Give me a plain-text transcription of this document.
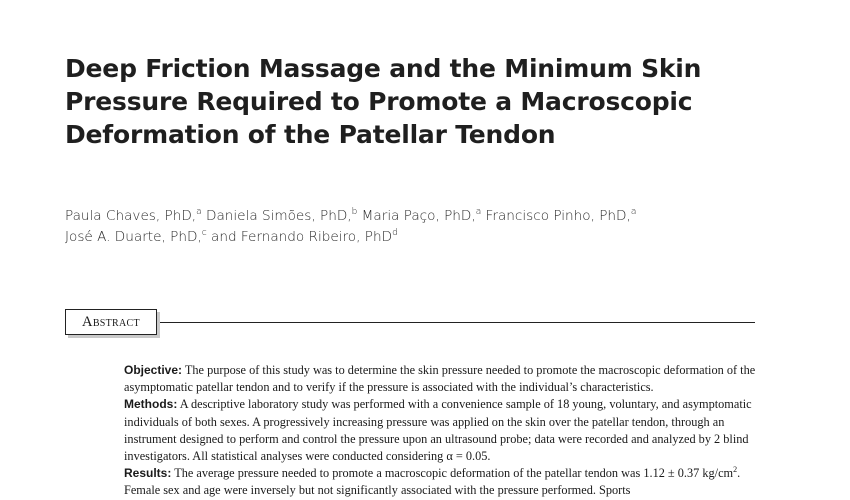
Deep Friction Massage and the Minimum Skin Pressure Required to Promote a Macroscopic Deformation of the Patellar Tendon
Paula Chaves, PhD,$^a$ Daniela Simões, PhD,$^b$ Maria Paço, PhD,$^a$ Francisco Pinho, PhD,$^a$
José A. Duarte, PhD,$^c$ and Fernando Ribeiro, PhD$^d$
Abstract

Objective: The purpose of this study was to determine the skin pressure needed to promote the macroscopic deformation of the asymptomatic patellar tendon and to verify if the pressure is associated with the individual’s characteristics.

Methods: A descriptive laboratory study was performed with a convenience sample of 18 young, voluntary, and asymptomatic individuals of both sexes. A progressively increasing pressure was applied on the skin over the patellar tendon, through an instrument designed to perform and control the pressure upon an ultrasound probe; data were recorded and analyzed by 2 blind investigators. All statistical analyses were conducted considering α = 0.05.

Results: The average pressure needed to promote a macroscopic deformation of the patellar tendon was 1.12 ± 0.37 $kg/cm^2$. Female sex and age were inversely but not significantly associated with the pressure performed. Sports
